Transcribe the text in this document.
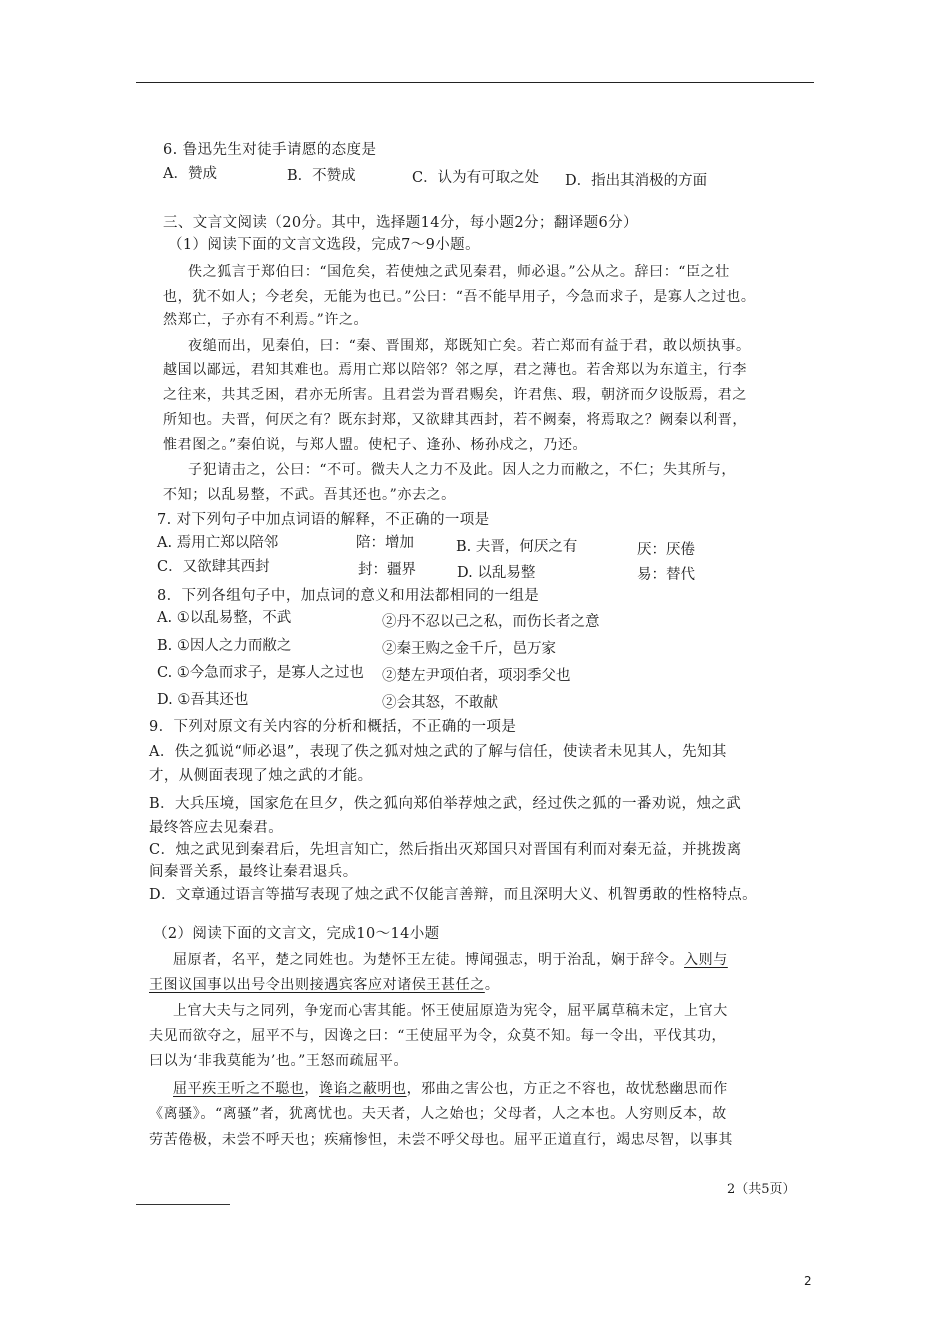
6. 鲁迅先生对徒手请愿的态度是
A．赞成	B．不赞成	C．认为有可取之处 D．指出其消极的方面
三、文言文阅读（20分。其中，选择题14分，每小题2分；翻译题6分）
（1）阅读下面的文言文选段，完成7～9小题。
佚之狐言于郑伯曰：“国危矣，若使烛之武见秦君，师必退。”公从之。辞曰：“臣之壮
也，犹不如人；今老矣，无能为也已。”公曰：“吾不能早用子，今急而求子，是寡人之过也。
然郑亡，子亦有不利焉。”许之。
夜缒而出，见秦伯，曰：“秦、晋围郑，郑既知亡矣。若亡郑而有益于君，敢以烦执事。
越国以鄙远，君知其难也。焉用亡郑以陪邻？邻之厚，君之薄也。若舍郑以为东道主，行李
之往来，共其乏困，君亦无所害。且君尝为晋君赐矣，许君焦、瑕，朝济而夕设版焉，君之
所知也。夫晋，何厌之有？既东封郑，又欲肆其西封，若不阙秦，将焉取之？阙秦以利晋，
惟君图之。”秦伯说，与郑人盟。使杞子、逢孙、杨孙戍之，乃还。
子犯请击之，公曰：“不可。微夫人之力不及此。因人之力而敝之，不仁；失其所与，
不知；以乱易整，不武。吾其还也。”亦去之。
7. 对下列句子中加点词语的解释，不正确的一项是
A. 焉用亡郑以陪邻	陪：增加	B. 夫晋，何厌之有	厌：厌倦
C．又欲肆其西封	封：疆界	D. 以乱易整	易：替代
8．下列各组句子中，加点词的意义和用法都相同的一组是
A. ①以乱易整，不武	②丹不忍以己之私，而伤长者之意
B. ①因人之力而敝之	②秦王购之金千斤，邑万家
C. ①今急而求子，是寡人之过也 ②楚左尹项伯者，项羽季父也
D. ①吾其还也	②会其怒，不敢献
9．下列对原文有关内容的分析和概括，不正确的一项是
A．佚之狐说“师必退”，表现了佚之狐对烛之武的了解与信任，使读者未见其人，先知其
才，从侧面表现了烛之武的才能。
B．大兵压境，国家危在旦夕，佚之狐向郑伯举荐烛之武，经过佚之狐的一番劝说，烛之武
最终答应去见秦君。
C．烛之武见到秦君后，先坦言知亡，然后指出灭郑国只对晋国有利而对秦无益，并挑拨离
间秦晋关系，最终让秦君退兵。
D．文章通过语言等描写表现了烛之武不仅能言善辩，而且深明大义、机智勇敢的性格特点。
（2）阅读下面的文言文，完成10～14小题
屈原者，名平，楚之同姓也。为楚怀王左徒。博闻强志，明于治乱，娴于辞令。入则与
王图议国事以出号令出则接遇宾客应对诸侯王甚任之。
上官大夫与之同列，争宠而心害其能。怀王使屈原造为宪令，屈平属草稿未定，上官大
夫见而欲夺之，屈平不与，因谗之曰：“王使屈平为令，众莫不知。每一令出，平伐其功，
曰以为‘非我莫能为’也。”王怒而疏屈平。
屈平疾王听之不聪也，谗谄之蔽明也，邪曲之害公也，方正之不容也，故忧愁幽思而作
《离骚》。“离骚”者，犹离忧也。夫天者，人之始也；父母者，人之本也。人穷则反本，故
劳苦倦极，未尝不呼天也；疾痛惨怛，未尝不呼父母也。屈平正道直行，竭忠尽智，以事其
2（共5页）
2
